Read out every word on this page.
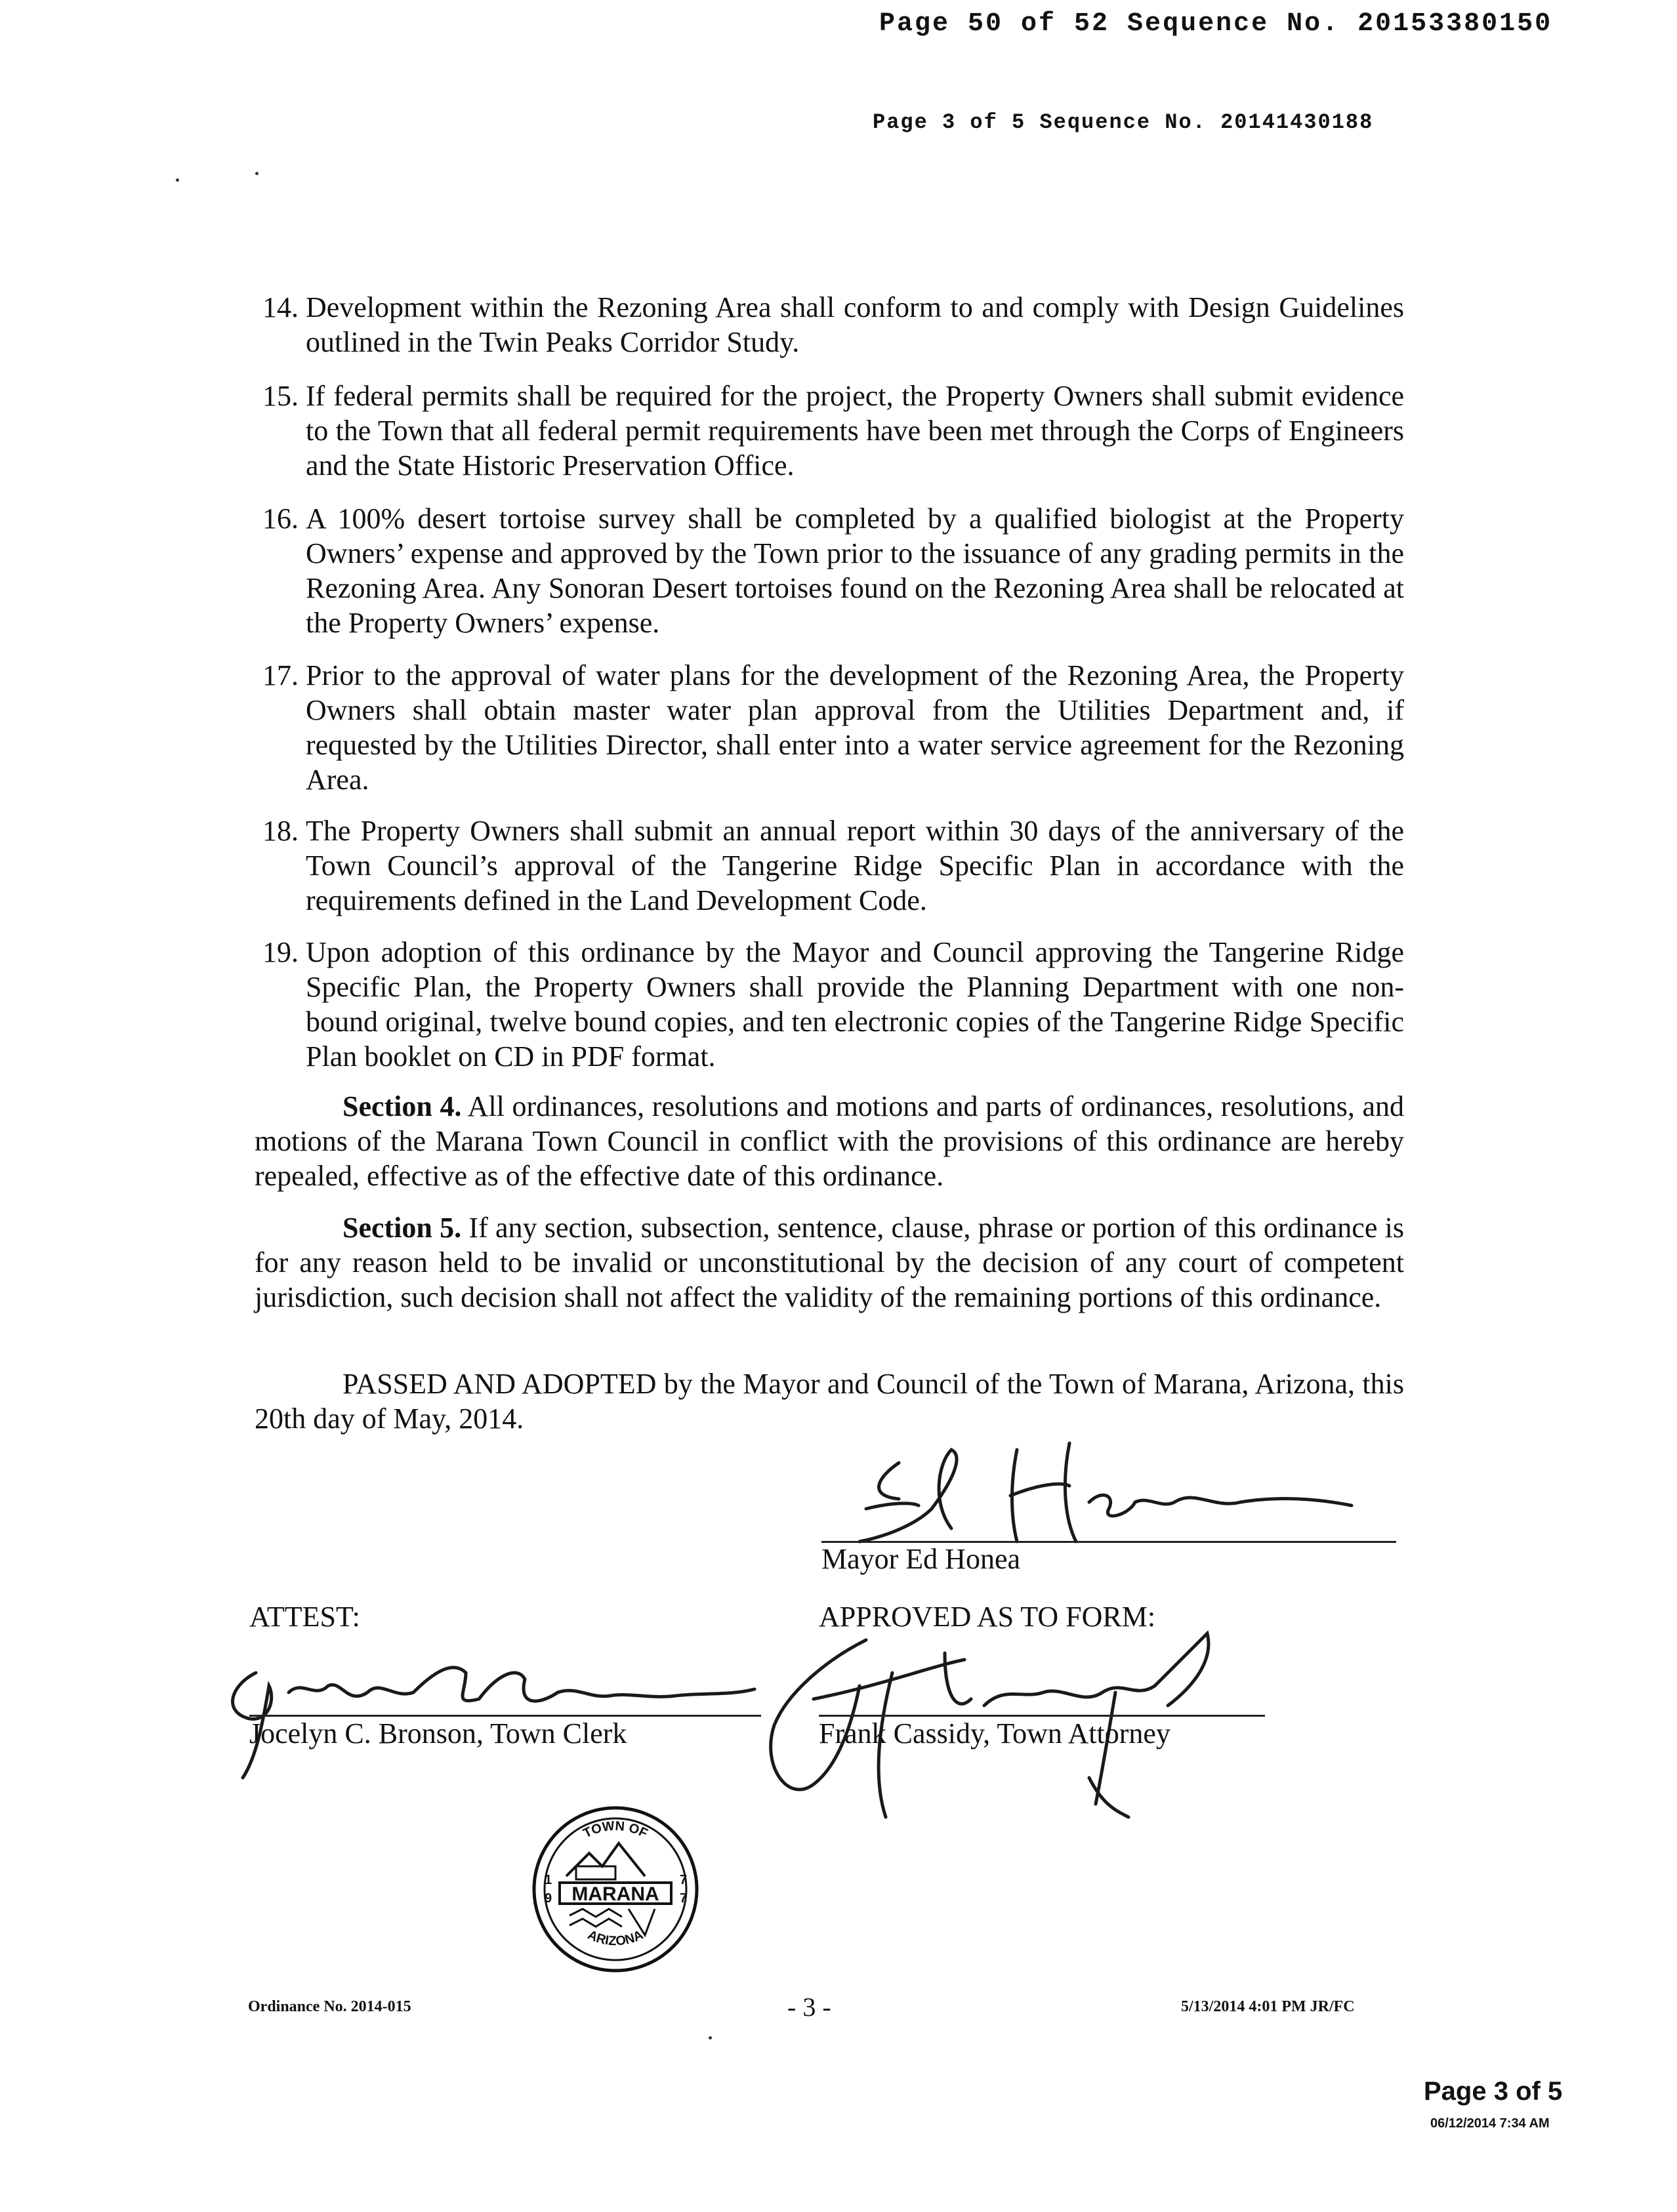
Page 50 of 52 Sequence No. 20153380150
Page 3 of 5 Sequence No. 20141430188
14. Development within the Rezoning Area shall conform to and comply with Design Guidelines outlined in the Twin Peaks Corridor Study.
15. If federal permits shall be required for the project, the Property Owners shall submit evidence to the Town that all federal permit requirements have been met through the Corps of Engineers and the State Historic Preservation Office.
16. A 100% desert tortoise survey shall be completed by a qualified biologist at the Property Owners’ expense and approved by the Town prior to the issuance of any grading permits in the Rezoning Area. Any Sonoran Desert tortoises found on the Rezoning Area shall be relocated at the Property Owners’ expense.
17. Prior to the approval of water plans for the development of the Rezoning Area, the Property Owners shall obtain master water plan approval from the Utilities Department and, if requested by the Utilities Director, shall enter into a water service agreement for the Rezoning Area.
18. The Property Owners shall submit an annual report within 30 days of the anniversary of the Town Council’s approval of the Tangerine Ridge Specific Plan in accordance with the requirements defined in the Land Development Code.
19. Upon adoption of this ordinance by the Mayor and Council approving the Tangerine Ridge Specific Plan, the Property Owners shall provide the Planning Department with one non-bound original, twelve bound copies, and ten electronic copies of the Tangerine Ridge Specific Plan booklet on CD in PDF format.

Section 4. All ordinances, resolutions and motions and parts of ordinances, resolutions, and motions of the Marana Town Council in conflict with the provisions of this ordinance are hereby repealed, effective as of the effective date of this ordinance.

Section 5. If any section, subsection, sentence, clause, phrase or portion of this ordinance is for any reason held to be invalid or unconstitutional by the decision of any court of competent jurisdiction, such decision shall not affect the validity of the remaining portions of this ordinance.

PASSED AND ADOPTED by the Mayor and Council of the Town of Marana, Arizona, this 20th day of May, 2014.

Mayor Ed Honea
ATTEST:
Jocelyn C. Bronson, Town Clerk
APPROVED AS TO FORM:
Frank Cassidy, Town Attorney
TOWN OF
ARIZONA
MARANA
1
9
7
7
Ordinance No. 2014-015	- 3 -	5/13/2014 4:01 PM JR/FC
Page 3 of 5
06/12/2014 7:34 AM
